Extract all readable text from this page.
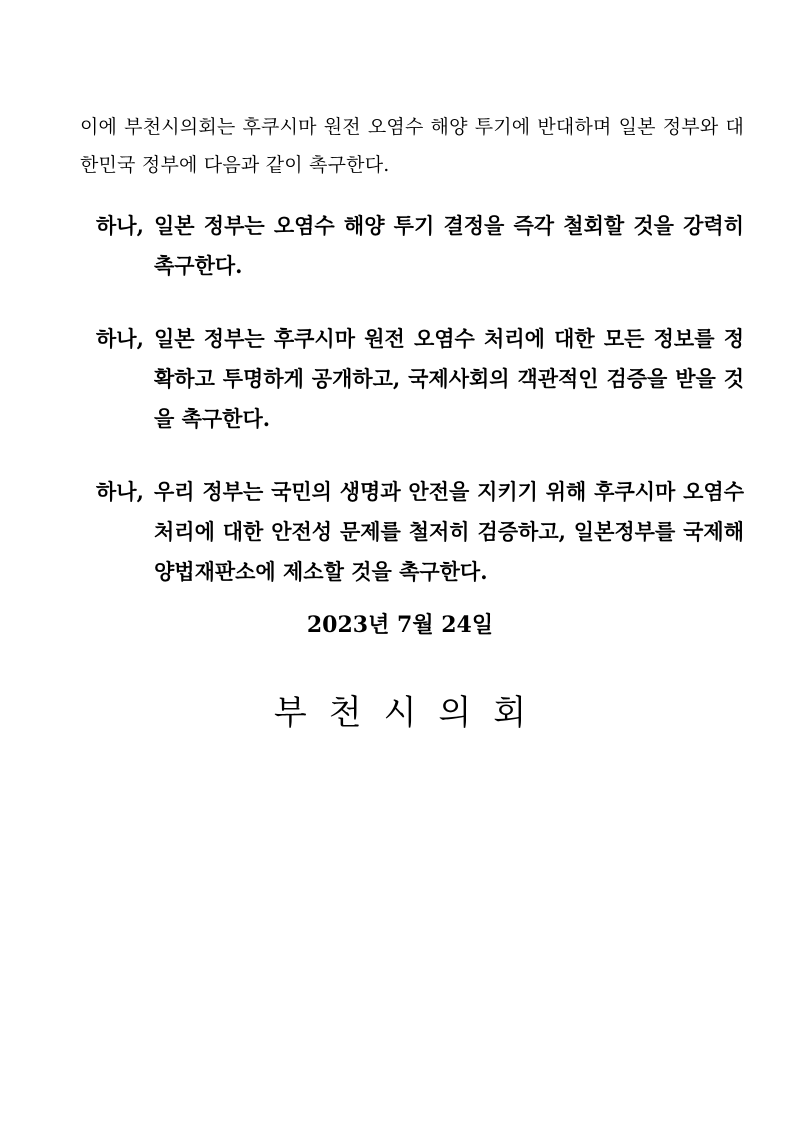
이에 부천시의회는 후쿠시마 원전 오염수 해양 투기에 반대하며 일본 정부와 대한민국 정부에 다음과 같이 촉구한다.

하나, 일본 정부는 오염수 해양 투기 결정을 즉각 철회할 것을 강력히 촉구한다.
하나, 일본 정부는 후쿠시마 원전 오염수 처리에 대한 모든 정보를 정확하고 투명하게 공개하고, 국제사회의 객관적인 검증을 받을 것을 촉구한다.
하나, 우리 정부는 국민의 생명과 안전을 지키기 위해 후쿠시마 오염수 처리에 대한 안전성 문제를 철저히 검증하고, 일본정부를 국제해양법재판소에 제소할 것을 촉구한다.
2023년 7월 24일
부천시의회
